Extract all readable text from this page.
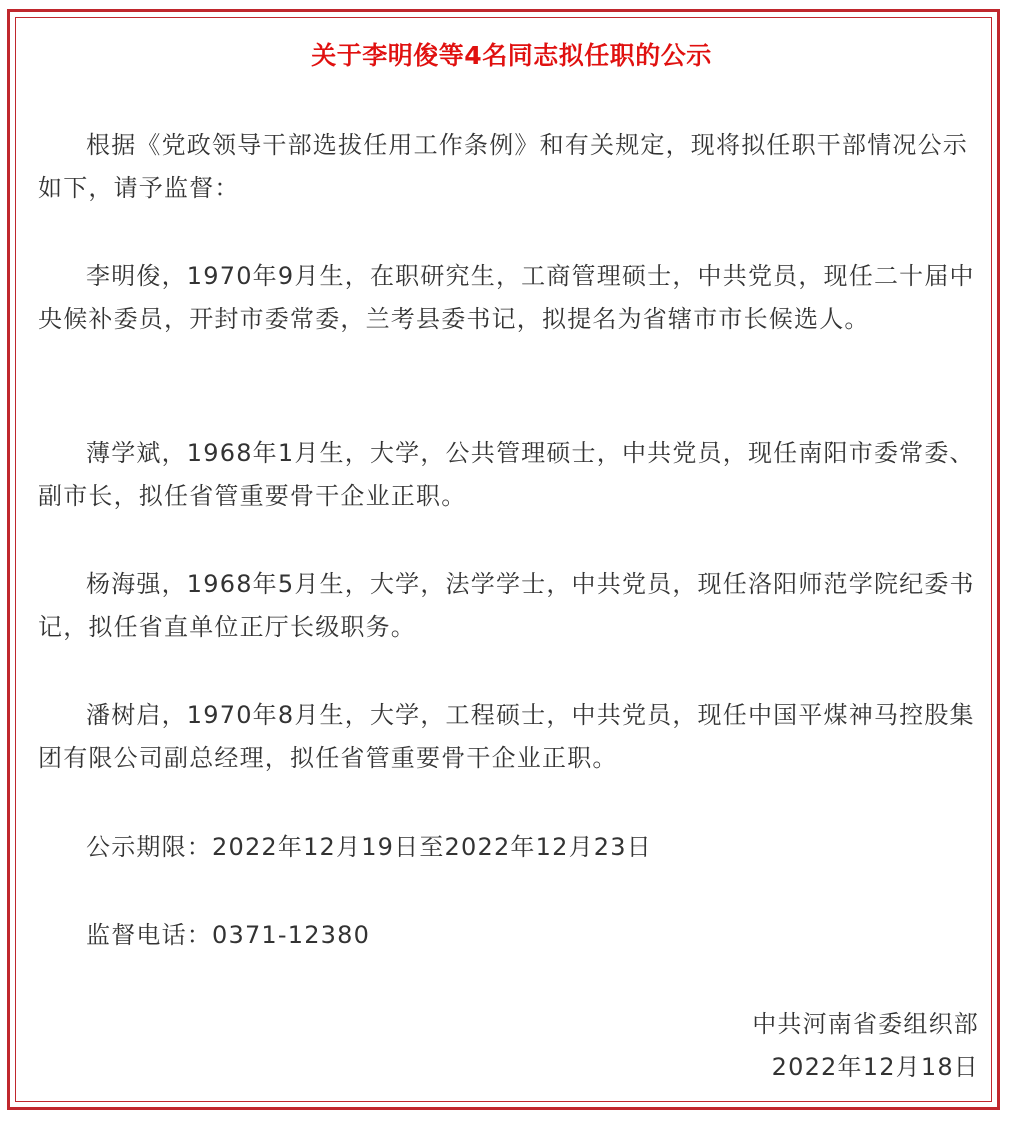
关于李明俊等4名同志拟任职的公示

根据《党政领导干部选拔任用工作条例》和有关规定，现将拟任职干部情况公示如下，请予监督：

李明俊，1970年9月生，在职研究生，工商管理硕士，中共党员，现任二十届中央候补委员，开封市委常委，兰考县委书记，拟提名为省辖市市长候选人。

薄学斌，1968年1月生，大学，公共管理硕士，中共党员，现任南阳市委常委、副市长，拟任省管重要骨干企业正职。

杨海强，1968年5月生，大学，法学学士，中共党员，现任洛阳师范学院纪委书记，拟任省直单位正厅长级职务。

潘树启，1970年8月生，大学，工程硕士，中共党员，现任中国平煤神马控股集团有限公司副总经理，拟任省管重要骨干企业正职。

公示期限：2022年12月19日至2022年12月23日

监督电话：0371-12380

中共河南省委组织部
2022年12月18日
